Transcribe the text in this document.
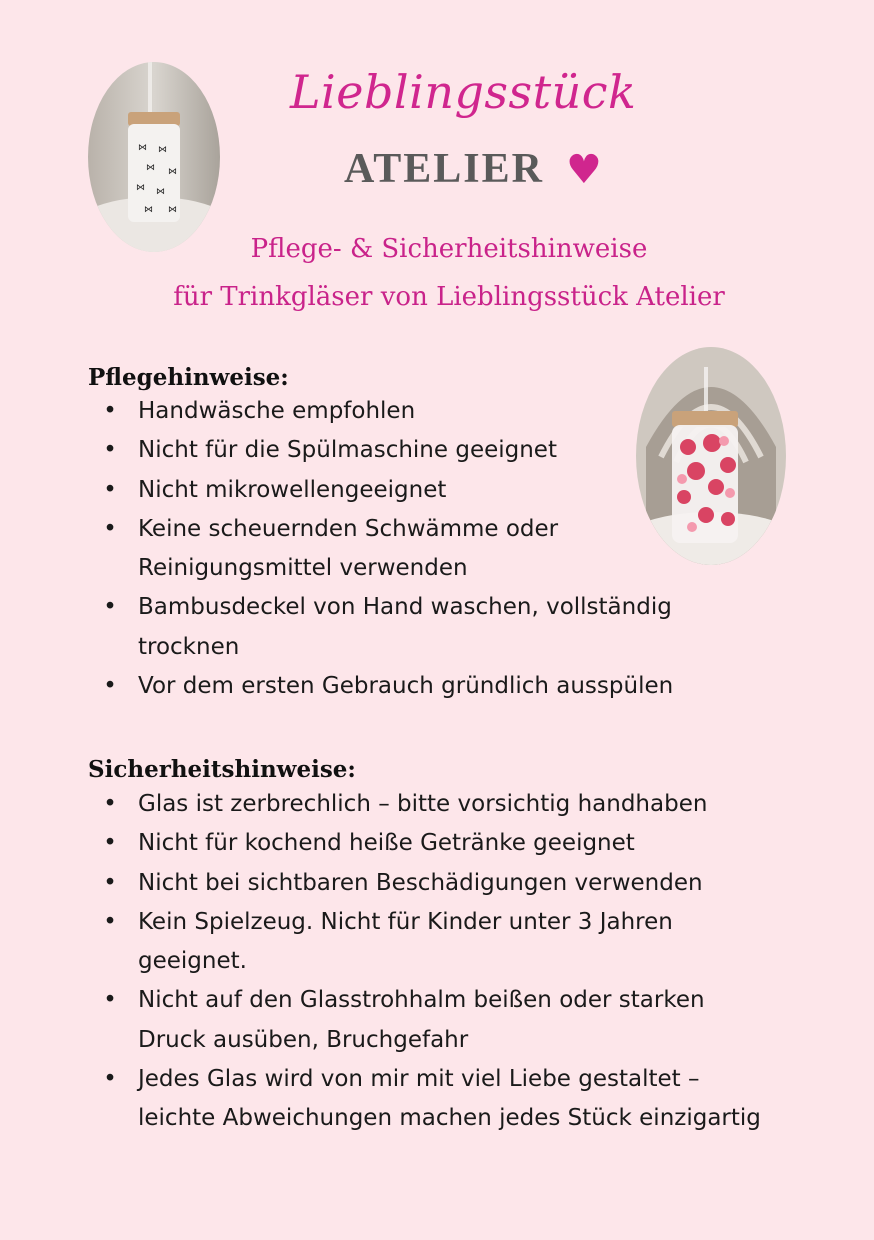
⋈ ⋈
⋈ ⋈
⋈ ⋈
⋈ ⋈
Lieblingsstück
ATELIER ♥
Pflege- & Sicherheitshinweise
für Trinkgläser von Lieblingsstück Atelier
Pflegehinweise:
• Handwäsche empfohlen
• Nicht für die Spülmaschine geeignet
• Nicht mikrowellengeeignet
• Keine scheuernden Schwämme oder Reinigungsmittel verwenden
• Bambusdeckel von Hand waschen, vollständig trocknen
• Vor dem ersten Gebrauch gründlich ausspülen
Sicherheitshinweise:
• Glas ist zerbrechlich – bitte vorsichtig handhaben
• Nicht für kochend heiße Getränke geeignet
• Nicht bei sichtbaren Beschädigungen verwenden
• Kein Spielzeug. Nicht für Kinder unter 3 Jahren geeignet.
• Nicht auf den Glasstrohhalm beißen oder starken Druck ausüben, Bruchgefahr
• Jedes Glas wird von mir mit viel Liebe gestaltet – leichte Abweichungen machen jedes Stück einzigartig
